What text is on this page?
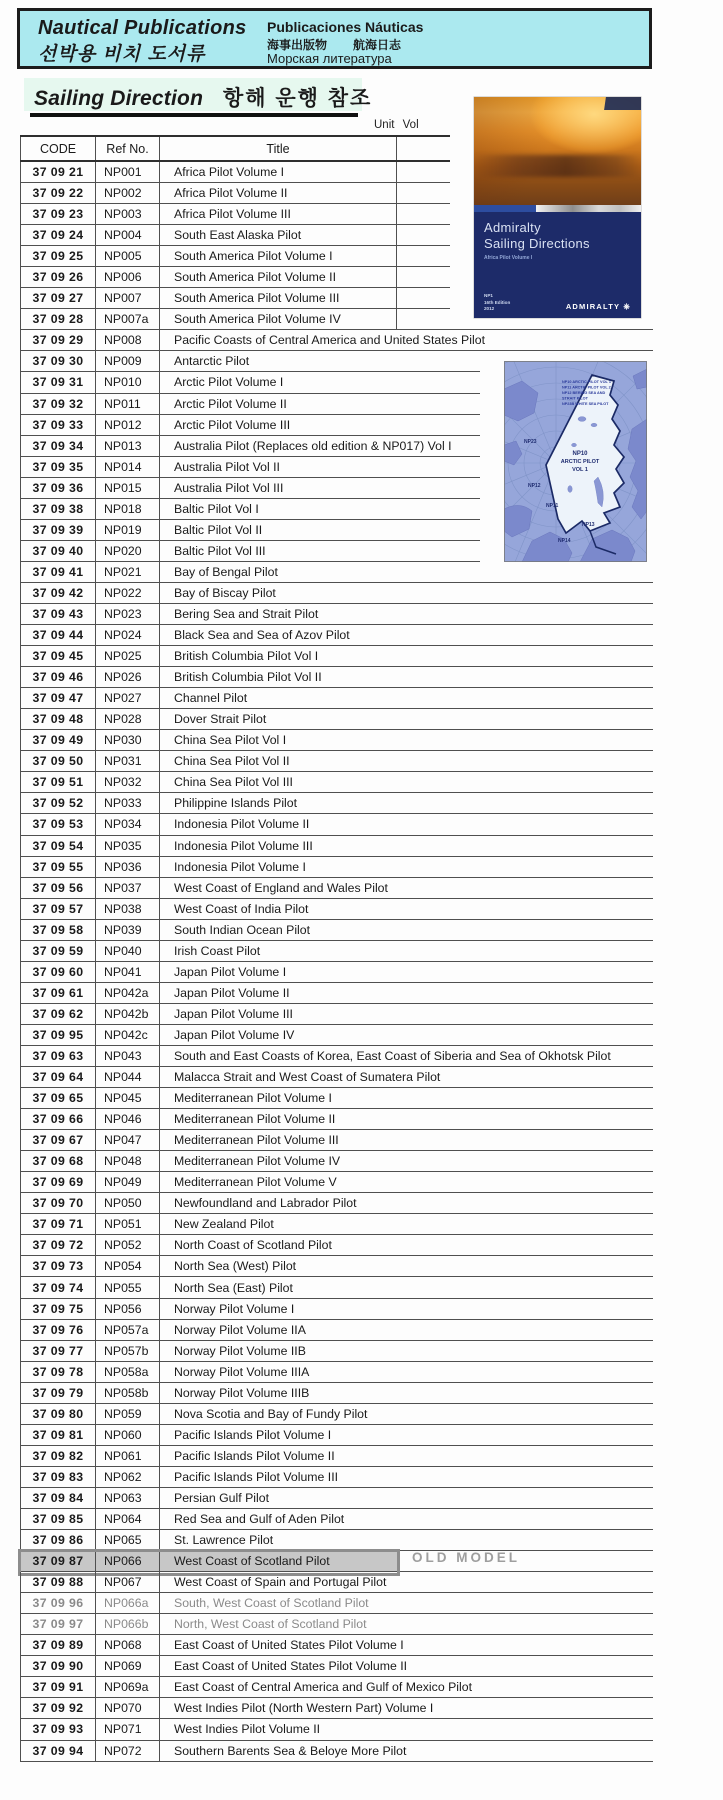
Nautical Publications
선박용 비치 도서류
Publicaciones Náuticas
海事出版物 航海日志
Морская литература
Sailing Direction 항해 운행 참조
Unit Vol
CODE	Ref No.	Title
37 09 21	NP001	Africa Pilot Volume I
37 09 22	NP002	Africa Pilot Volume II
37 09 23	NP003	Africa Pilot Volume III
37 09 24	NP004	South East Alaska Pilot
37 09 25	NP005	South America Pilot Volume I
37 09 26	NP006	South America Pilot Volume II
37 09 27	NP007	South America Pilot Volume III
37 09 28	NP007a	South America Pilot Volume IV
37 09 29	NP008	Pacific Coasts of Central America and United States Pilot
37 09 30	NP009	Antarctic Pilot
37 09 31	NP010	Arctic Pilot Volume I
37 09 32	NP011	Arctic Pilot Volume II
37 09 33	NP012	Arctic Pilot Volume III
37 09 34	NP013	Australia Pilot (Replaces old edition & NP017) Vol I
37 09 35	NP014	Australia Pilot Vol II
37 09 36	NP015	Australia Pilot Vol III
37 09 38	NP018	Baltic Pilot Vol I
37 09 39	NP019	Baltic Pilot Vol II
37 09 40	NP020	Baltic Pilot Vol III
37 09 41	NP021	Bay of Bengal Pilot
37 09 42	NP022	Bay of Biscay Pilot
37 09 43	NP023	Bering Sea and Strait Pilot
37 09 44	NP024	Black Sea and Sea of Azov Pilot
37 09 45	NP025	British Columbia Pilot Vol I
37 09 46	NP026	British Columbia Pilot Vol II
37 09 47	NP027	Channel Pilot
37 09 48	NP028	Dover Strait Pilot
37 09 49	NP030	China Sea Pilot Vol I
37 09 50	NP031	China Sea Pilot Vol II
37 09 51	NP032	China Sea Pilot Vol III
37 09 52	NP033	Philippine Islands Pilot
37 09 53	NP034	Indonesia Pilot Volume II
37 09 54	NP035	Indonesia Pilot Volume III
37 09 55	NP036	Indonesia Pilot Volume I
37 09 56	NP037	West Coast of England and Wales Pilot
37 09 57	NP038	West Coast of India Pilot
37 09 58	NP039	South Indian Ocean Pilot
37 09 59	NP040	Irish Coast Pilot
37 09 60	NP041	Japan Pilot Volume I
37 09 61	NP042a	Japan Pilot Volume II
37 09 62	NP042b	Japan Pilot Volume III
37 09 95	NP042c	Japan Pilot Volume IV
37 09 63	NP043	South and East Coasts of Korea, East Coast of Siberia and Sea of Okhotsk Pilot
37 09 64	NP044	Malacca Strait and West Coast of Sumatera Pilot
37 09 65	NP045	Mediterranean Pilot Volume I
37 09 66	NP046	Mediterranean Pilot Volume II
37 09 67	NP047	Mediterranean Pilot Volume III
37 09 68	NP048	Mediterranean Pilot Volume IV
37 09 69	NP049	Mediterranean Pilot Volume V
37 09 70	NP050	Newfoundland and Labrador Pilot
37 09 71	NP051	New Zealand Pilot
37 09 72	NP052	North Coast of Scotland Pilot
37 09 73	NP054	North Sea (West) Pilot
37 09 74	NP055	North Sea (East) Pilot
37 09 75	NP056	Norway Pilot Volume I
37 09 76	NP057a	Norway Pilot Volume IIA
37 09 77	NP057b	Norway Pilot Volume IIB
37 09 78	NP058a	Norway Pilot Volume IIIA
37 09 79	NP058b	Norway Pilot Volume IIIB
37 09 80	NP059	Nova Scotia and Bay of Fundy Pilot
37 09 81	NP060	Pacific Islands Pilot Volume I
37 09 82	NP061	Pacific Islands Pilot Volume II
37 09 83	NP062	Pacific Islands Pilot Volume III
37 09 84	NP063	Persian Gulf Pilot
37 09 85	NP064	Red Sea and Gulf of Aden Pilot
37 09 86	NP065	St. Lawrence Pilot
37 09 87	NP066	West Coast of Scotland Pilot
37 09 88	NP067	West Coast of Spain and Portugal Pilot
37 09 96	NP066a	South, West Coast of Scotland Pilot
37 09 97	NP066b	North, West Coast of Scotland Pilot
37 09 89	NP068	East Coast of United States Pilot Volume I
37 09 90	NP069	East Coast of United States Pilot Volume II
37 09 91	NP069a	East Coast of Central America and Gulf of Mexico Pilot
37 09 92	NP070	West Indies Pilot (North Western Part) Volume I
37 09 93	NP071	West Indies Pilot Volume II
37 09 94	NP072	Southern Barents Sea & Beloye More Pilot
OLD MODEL
Admiralty
Sailing Directions
Africa Pilot Volume I
NP1
16th Edition
2012	ADMIRALTY ⎈
NP10 ARCTIC PILOT VOL 1
NP11 ARCTIC PILOT VOL 2
NP12 BERING SEA AND
STRAIT PILOT
NP23B WHITE SEA PILOT
NP23
NP12
NP11
NP13
NP14
NP10
ARCTIC PILOT
VOL 1
